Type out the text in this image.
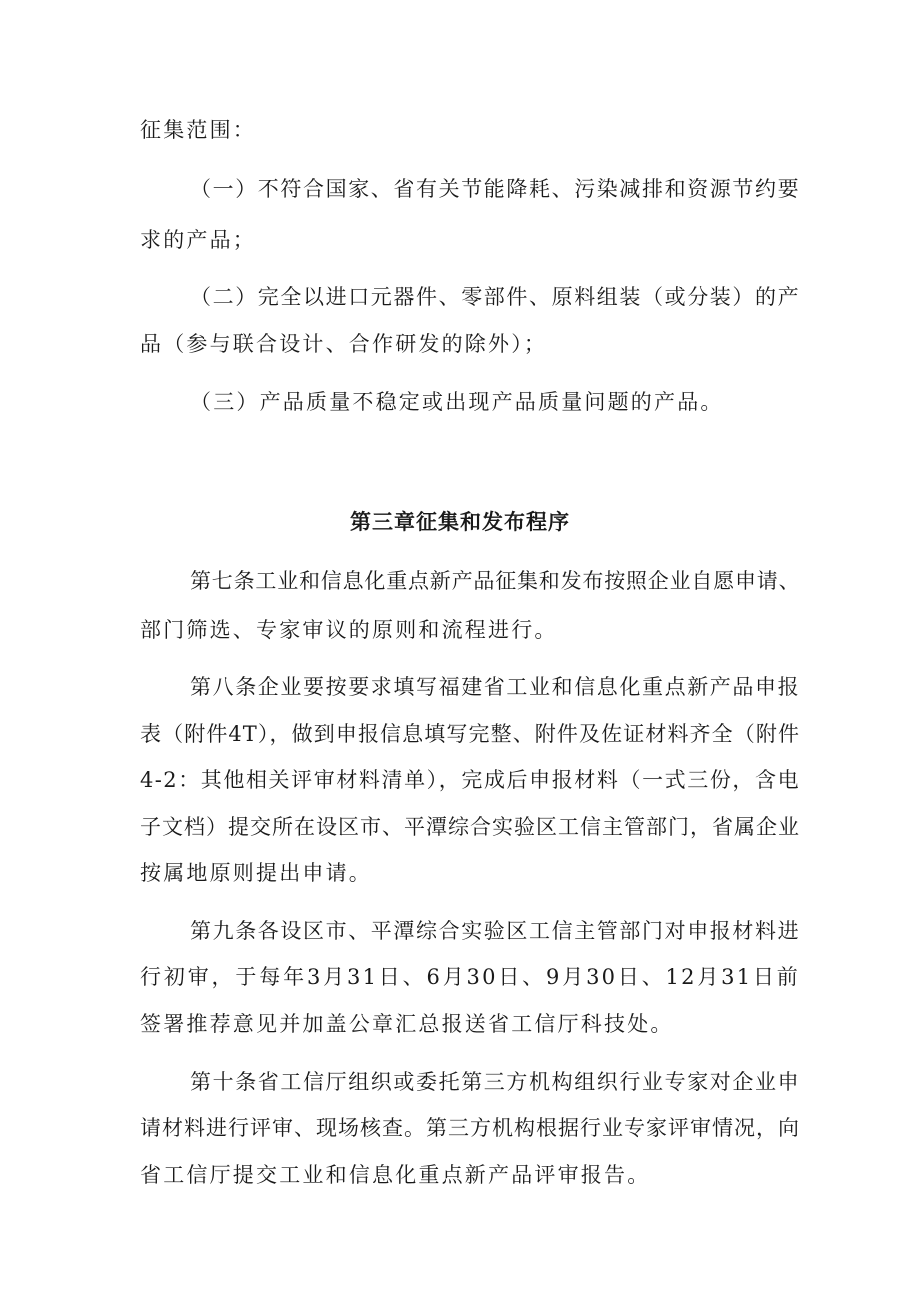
征集范围：
（一）不符合国家、省有关节能降耗、污染减排和资源节约要
求的产品；
（二）完全以进口元器件、零部件、原料组装（或分装）的产
品（参与联合设计、合作研发的除外）；
（三）产品质量不稳定或出现产品质量问题的产品。
第三章征集和发布程序
第七条工业和信息化重点新产品征集和发布按照企业自愿申请、
部门筛选、专家审议的原则和流程进行。
第八条企业要按要求填写福建省工业和信息化重点新产品申报
表（附件4T），做到申报信息填写完整、附件及佐证材料齐全（附件
4-2：其他相关评审材料清单），完成后申报材料（一式三份，含电
子文档）提交所在设区市、平潭综合实验区工信主管部门，省属企业
按属地原则提出申请。
第九条各设区市、平潭综合实验区工信主管部门对申报材料进
行初审，于每年3月31日、6月30日、9月30日、12月31日前
签署推荐意见并加盖公章汇总报送省工信厅科技处。
第十条省工信厅组织或委托第三方机构组织行业专家对企业申
请材料进行评审、现场核查。第三方机构根据行业专家评审情况，向
省工信厅提交工业和信息化重点新产品评审报告。
